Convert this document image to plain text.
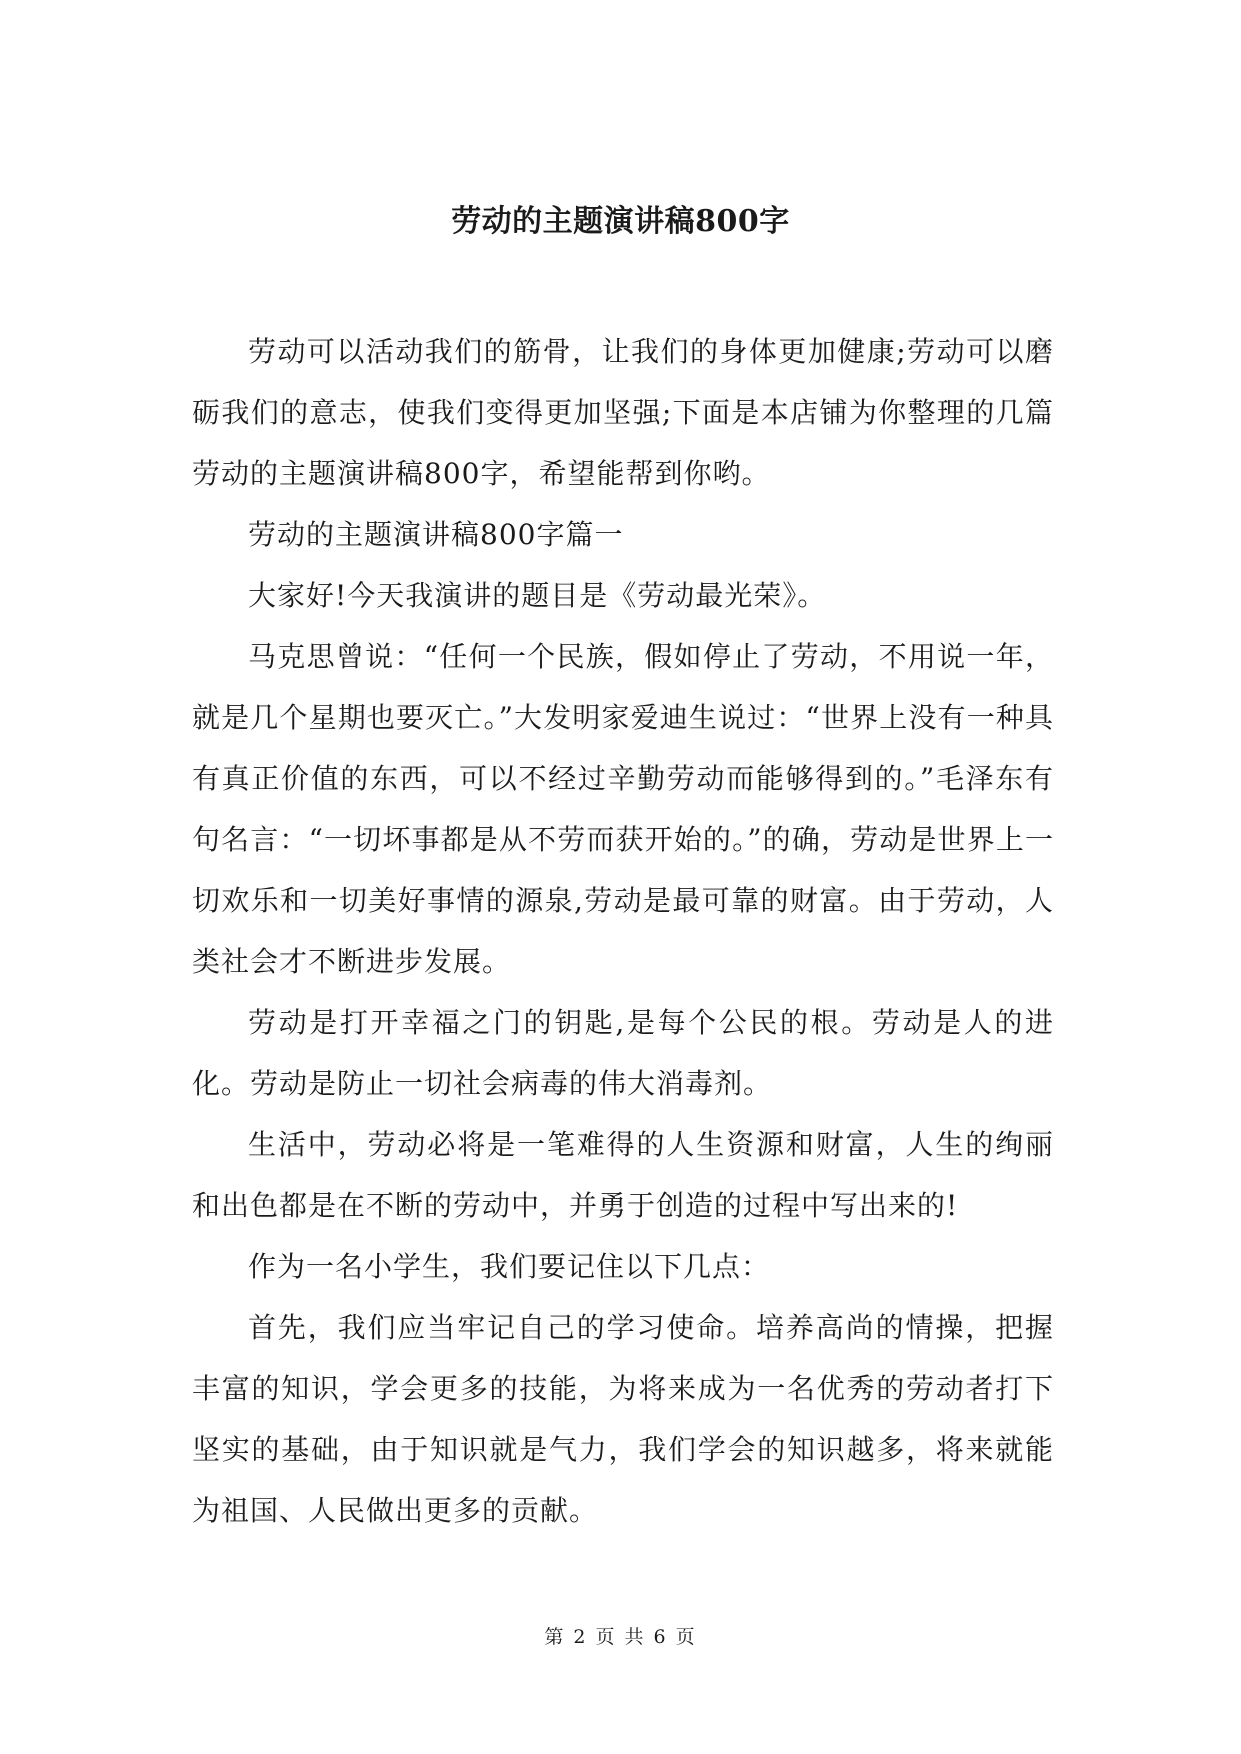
劳动的主题演讲稿800字

劳动可以活动我们的筋骨，让我们的身体更加健康;劳动可以磨砺我们的意志，使我们变得更加坚强;下面是本店铺为你整理的几篇劳动的主题演讲稿800字，希望能帮到你哟。

劳动的主题演讲稿800字篇一

大家好!今天我演讲的题目是《劳动最光荣》。

马克思曾说：“任何一个民族，假如停止了劳动，不用说一年，就是几个星期也要灭亡。”大发明家爱迪生说过：“世界上没有一种具有真正价值的东西，可以不经过辛勤劳动而能够得到的。”毛泽东有句名言：“一切坏事都是从不劳而获开始的。”的确，劳动是世界上一切欢乐和一切美好事情的源泉,劳动是最可靠的财富。由于劳动，人类社会才不断进步发展。

劳动是打开幸福之门的钥匙,是每个公民的根。劳动是人的进化。劳动是防止一切社会病毒的伟大消毒剂。

生活中，劳动必将是一笔难得的人生资源和财富，人生的绚丽和出色都是在不断的劳动中，并勇于创造的过程中写出来的!

作为一名小学生，我们要记住以下几点：

首先，我们应当牢记自己的学习使命。培养高尚的情操，把握丰富的知识，学会更多的技能，为将来成为一名优秀的劳动者打下坚实的基础，由于知识就是气力，我们学会的知识越多，将来就能为祖国、人民做出更多的贡献。

第 2 页 共 6 页
